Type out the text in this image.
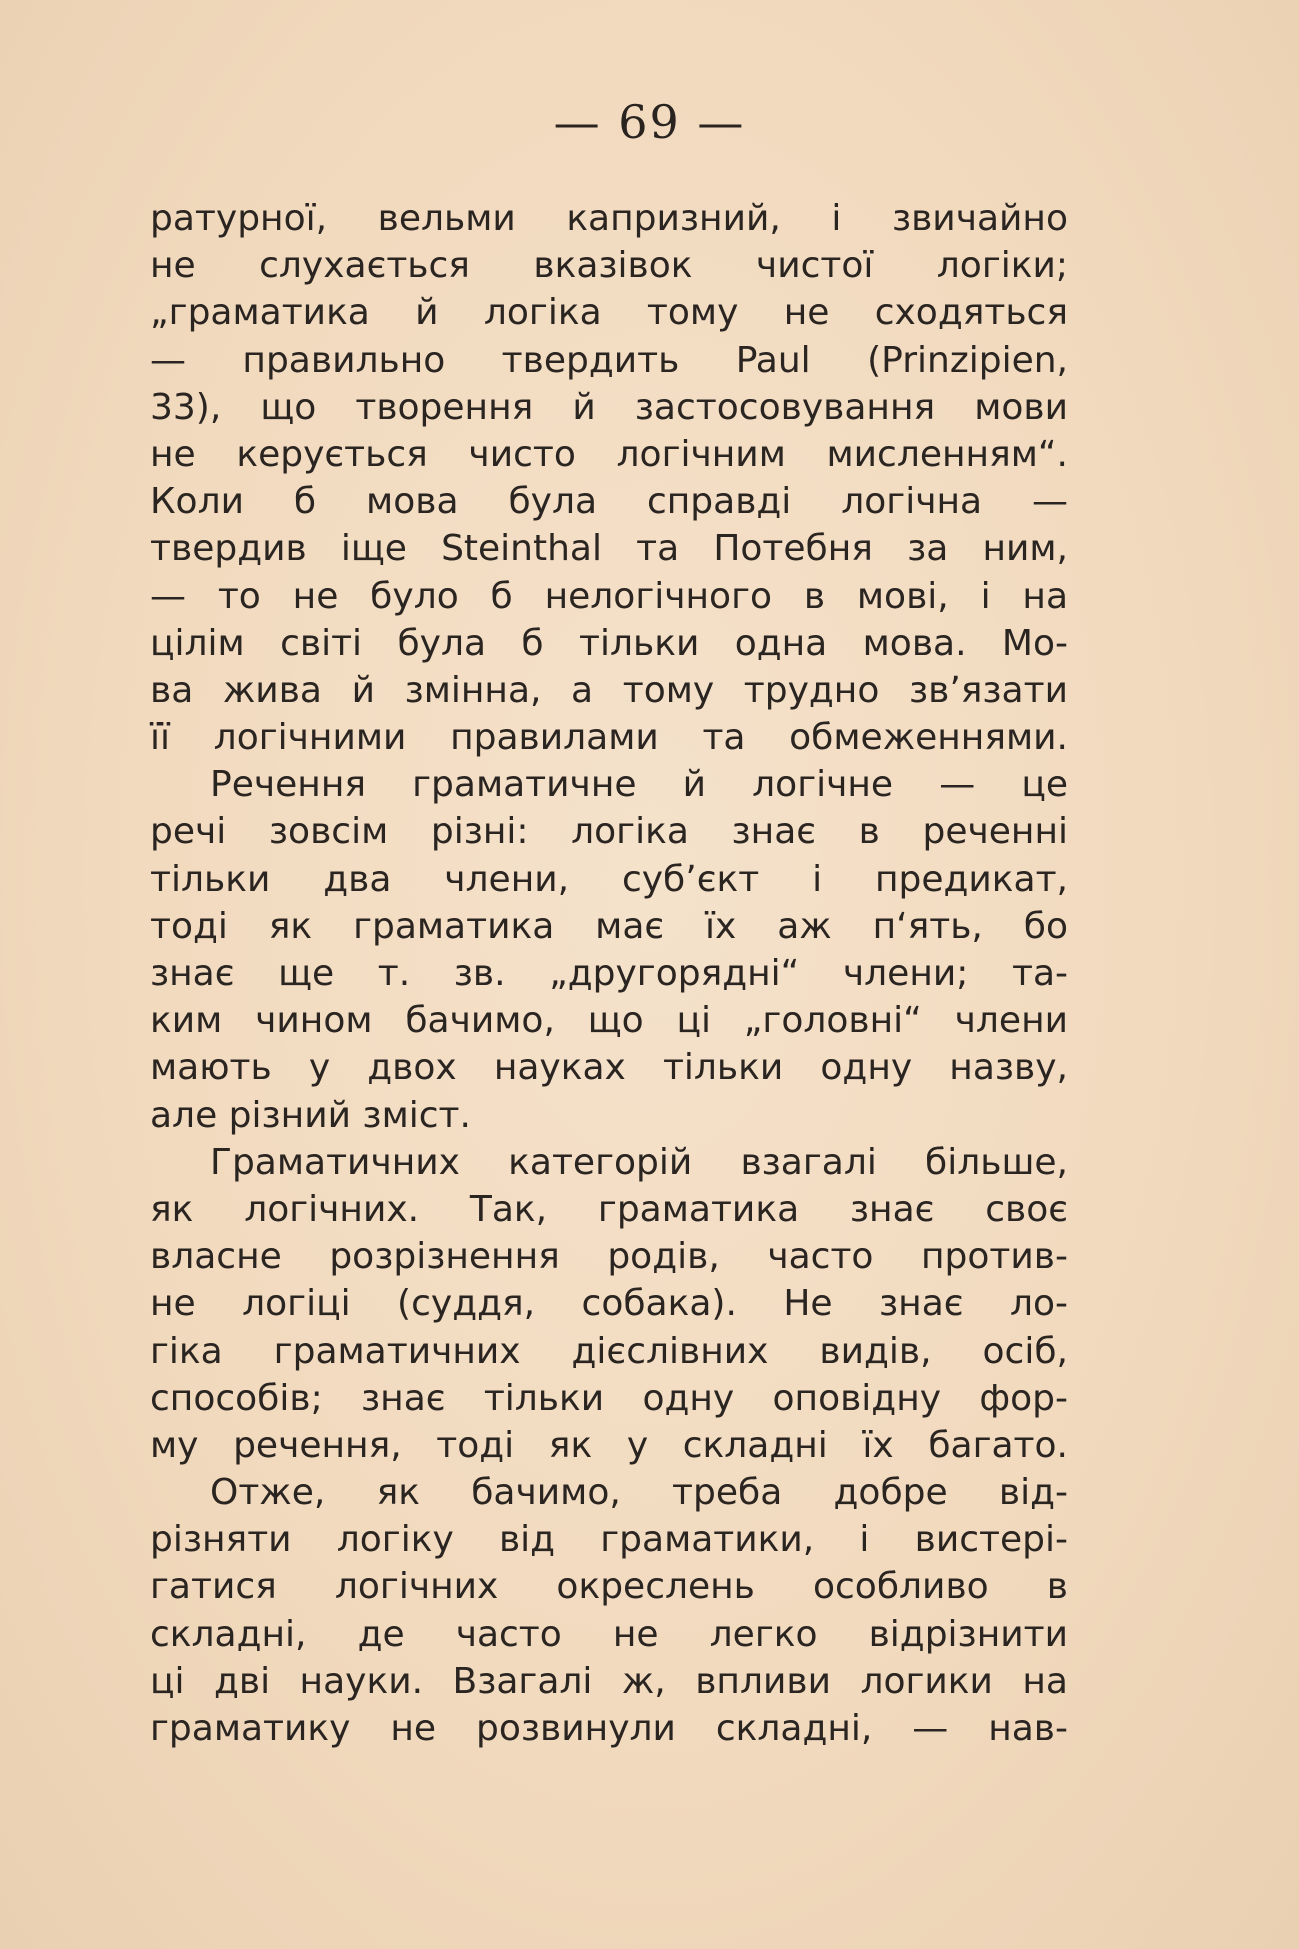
— 69 —
ратурної, вельми капризний, і звичайно
не слухається вказівок чистої логіки;
„граматика й логіка тому не сходяться
— правильно твердить Paul (Prinzipien,
33), що творення й застосовування мови
не керується чисто логічним мисленням“.
Коли б мова була справді логічна —
твердив іще Steinthal та Потебня за ним,
— то не було б нелогічного в мові, і на
цілім світі була б тільки одна мова. Мо-
ва жива й змінна, а тому трудно зв’язати
її логічними правилами та обмеженнями.
Речення граматичне й логічне — це
речі зовсім різні: логіка знає в реченні
тільки два члени, суб’єкт і предикат,
тоді як граматика має їх аж п‘ять, бо
знає ще т. зв. „другорядні“ члени; та-
ким чином бачимо, що ці „головні“ члени
мають у двох науках тільки одну назву,
але різний зміст.
Граматичних категорій взагалі більше,
як логічних. Так, граматика знає своє
власне розрізнення родів, часто против-
не логіці (суддя, собака). Не знає ло-
гіка граматичних дієслівних видів, осіб,
способів; знає тільки одну оповідну фор-
му речення, тоді як у складні їх багато.
Отже, як бачимо, треба добре від-
різняти логіку від граматики, і вистері-
гатися логічних окреслень особливо в
складні, де часто не легко відрізнити
ці дві науки. Взагалі ж, впливи логики на
граматику не розвинули складні, — нав-
